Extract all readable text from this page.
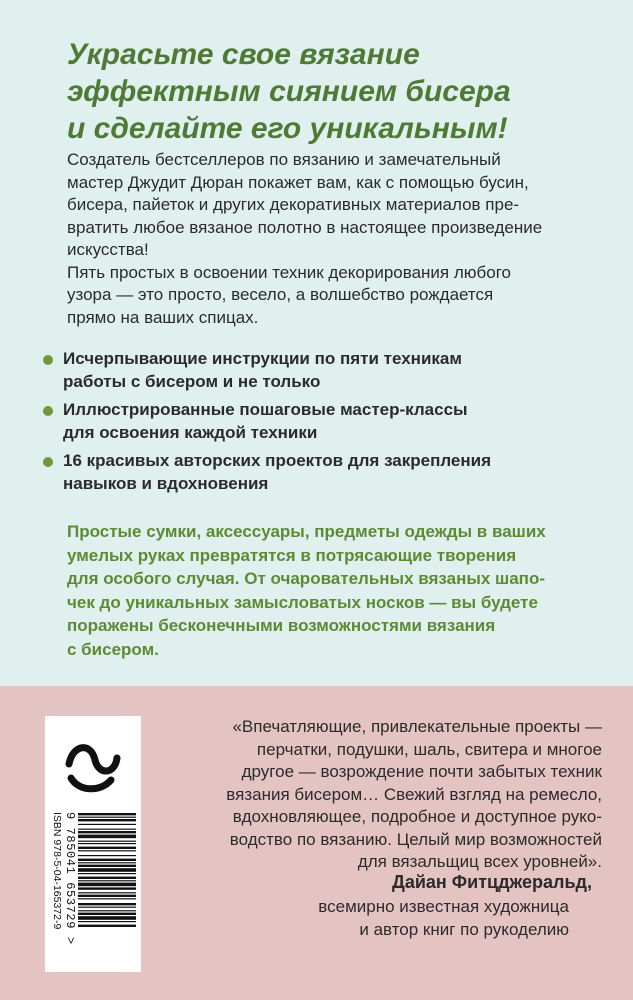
Украсьте свое вязание
эффектным сиянием бисера
и сделайте его уникальным!

Создатель бестселлеров по вязанию и замечательный
мастер Джудит Дюран покажет вам, как с помощью бусин,
бисера, пайеток и других декоративных материалов пре-
вратить любое вязаное полотно в настоящее произведение
искусства!

Пять простых в освоении техник декорирования любого
узора — это просто, весело, а волшебство рождается
прямо на ваших спицах.

Исчерпывающие инструкции по пяти техникам
работы с бисером и не только
Иллюстрированные пошаговые мастер-классы
для освоения каждой техники
16 красивых авторских проектов для закрепления
навыков и вдохновения
Простые сумки, аксессуары, предметы одежды в ваших
умелых руках превратятся в потрясающие творения
для особого случая. От очаровательных вязаных шапо-
чек до уникальных замысловатых носков — вы будете
поражены бесконечными возможностями вязания
с бисером.
ISBN 978-5-04-165372-9 9 785041 653729 >
«Впечатляющие, привлекательные проекты —
перчатки, подушки, шаль, свитера и многое
другое — возрождение почти забытых техник
вязания бисером… Свежий взгляд на ремесло,
вдохновляющее, подробное и доступное руко-
водство по вязанию. Целый мир возможностей
для вязальщиц всех уровней».
Дайан Фитцджеральд,
всемирно известная художница
и автор книг по рукоделию
